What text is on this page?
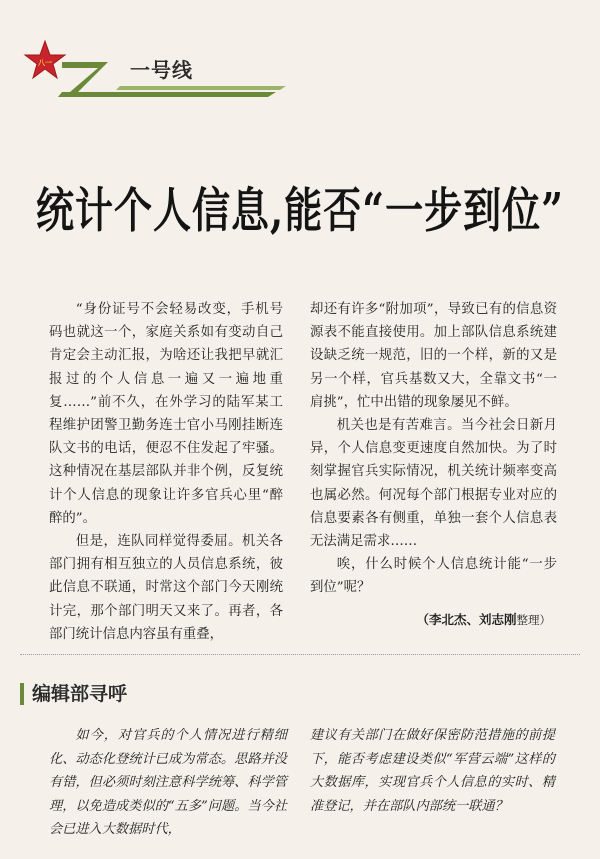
八一	一号线
统计个人信息,能否“一步到位”

“身份证号不会轻易改变，手机号码也就这一个，家庭关系如有变动自己肯定会主动汇报，为啥还让我把早就汇报过的个人信息一遍又一遍地重复……”前不久，在外学习的陆军某工程维护团警卫勤务连士官小马刚挂断连队文书的电话，便忍不住发起了牢骚。这种情况在基层部队并非个例，反复统计个人信息的现象让许多官兵心里“醉醉的”。

但是，连队同样觉得委屈。机关各部门拥有相互独立的人员信息系统，彼此信息不联通，时常这个部门今天刚统计完，那个部门明天又来了。再者，各部门统计信息内容虽有重叠，

却还有许多“附加项”，导致已有的信息资源表不能直接使用。加上部队信息系统建设缺乏统一规范，旧的一个样，新的又是另一个样，官兵基数又大，全靠文书“一肩挑”，忙中出错的现象屡见不鲜。

机关也是有苦难言。当今社会日新月异，个人信息变更速度自然加快。为了时刻掌握官兵实际情况，机关统计频率变高也属必然。何况每个部门根据专业对应的信息要素各有侧重，单独一套个人信息表无法满足需求……

唉，什么时候个人信息统计能“一步到位”呢？

（李北杰、刘志刚整理）
编辑部寻呼

如今，对官兵的个人情况进行精细化、动态化登统计已成为常态。思路并没有错，但必须时刻注意科学统筹、科学管理，以免造成类似的“五多”问题。当今社会已进入大数据时代，

建议有关部门在做好保密防范措施的前提下，能否考虑建设类似“军营云端”这样的大数据库，实现官兵个人信息的实时、精准登记，并在部队内部统一联通？
